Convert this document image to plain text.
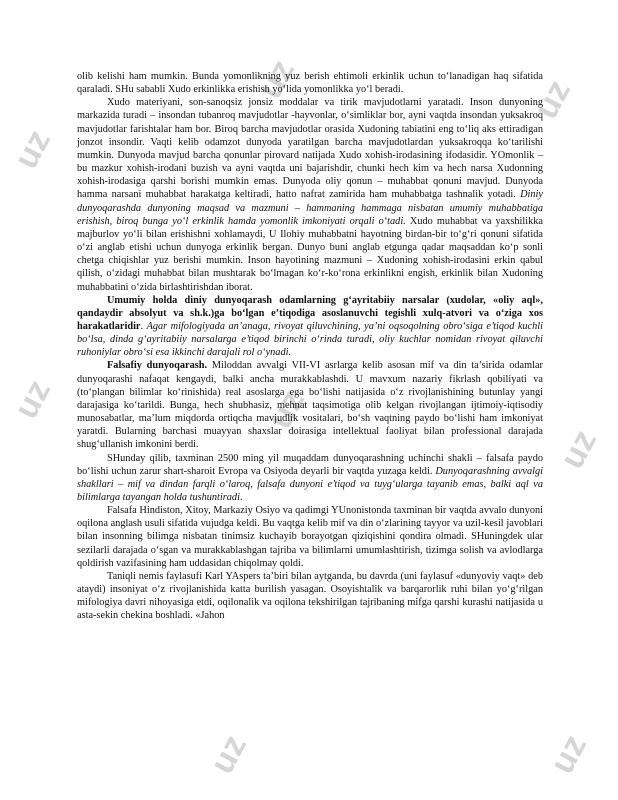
uz
uz
uz	uz
uz
uz
uz	uz

olib kelishi ham mumkin. Bunda yomonlikning yuz berish ehtimoli erkinlik uchun to‘lanadigan haq sifatida qaraladi. SHu sababli Xudo erkinlikka erishish yo‘lida yomonlikka yo‘l beradi.

Xudo materiyani, son-sanoqsiz jonsiz moddalar va tirik mavjudotlarni yaratadi. Inson dunyoning markazida turadi – insondan tubanroq mavjudotlar -hayvonlar, o‘simliklar bor, ayni vaqtda insondan yuksakroq mavjudotlar farishtalar ham bor. Biroq barcha mavjudotlar orasida Xudoning tabiatini eng to‘liq aks ettiradigan jonzot insondir. Vaqti kelib odamzot dunyoda yaratilgan barcha mavjudotlardan yuksakroqqa ko‘tarilishi mumkin. Dunyoda mavjud barcha qonunlar pirovard natijada Xudo xohish-irodasining ifodasidir. YOmonlik – bu mazkur xohish-irodani buzish va ayni vaqtda uni bajarishdir, chunki hech kim va hech narsa Xudonning xohish-irodasiga qarshi borishi mumkin emas. Dunyoda oliy qonun – muhabbat qonuni mavjud. Dunyoda hamma narsani muhabbat harakatga keltiradi, hatto nafrat zamirida ham muhabbatga tashnalik yotadi. Diniy dunyoqarashda dunyoning maqsad va mazmuni – hammaning hammaga nisbatan umumiy muhabbatiga erishish, biroq bunga yo‘l erkinlik hamda yomonlik imkoniyati orqali o‘tadi. Xudo muhabbat va yaxshilikka majburlov yo‘li bilan erishishni xohlamaydi, U Ilohiy muhabbatni hayotning birdan-bir to‘g‘ri qonuni sifatida o‘zi anglab etishi uchun dunyoga erkinlik bergan. Dunyo buni anglab etgunga qadar maqsaddan ko‘p sonli chetga chiqishlar yuz berishi mumkin. Inson hayotining mazmuni – Xudoning xohish-irodasini erkin qabul qilish, o‘zidagi muhabbat bilan mushtarak bo‘lmagan ko‘r-ko‘rona erkinlikni engish, erkinlik bilan Xudoning muhabbatini o‘zida birlashtirishdan iborat.

Umumiy holda diniy dunyoqarash odamlarning g‘ayritabiiy narsalar (xudolar, «oliy aql», qandaydir absolyut va sh.k.)ga bo‘lgan e’tiqodiga asoslanuvchi tegishli xulq-atvori va o‘ziga xos harakatlaridir. Agar mifologiyada an’anaga, rivoyat qiluvchining, ya’ni oqsoqolning obro‘siga e’tiqod kuchli bo‘lsa, dinda g‘ayritabiiy narsalarga e’tiqod birinchi o‘rinda turadi, oliy kuchlar nomidan rivoyat qiluvchi ruhoniylar obro‘si esa ikkinchi darajali rol o‘ynadi.

Falsafiy dunyoqarash. Miloddan avvalgi VII-VI asrlarga kelib asosan mif va din ta’sirida odamlar dunyoqarashi nafaqat kengaydi, balki ancha murakkablashdi. U mavxum nazariy fikrlash qobiliyati va (to‘plangan bilimlar ko‘rinishida) real asoslarga ega bo‘lishi natijasida o‘z rivojlanishining butunlay yangi darajasiga ko‘tarildi. Bunga, hech shubhasiz, mehnat taqsimotiga olib kelgan rivojlangan ijtimoiy-iqtisodiy munosabatlar, ma’lum miqdorda ortiqcha mavjudlik vositalari, bo‘sh vaqtning paydo bo‘lishi ham imkoniyat yaratdi. Bularning barchasi muayyan shaxslar doirasiga intellektual faoliyat bilan professional darajada shug‘ullanish imkonini berdi.

SHunday qilib, taxminan 2500 ming yil muqaddam dunyoqarashning uchinchi shakli – falsafa paydo bo‘lishi uchun zarur shart-sharoit Evropa va Osiyoda deyarli bir vaqtda yuzaga keldi. Dunyoqarashning avvalgi shakllari – mif va dindan farqli o‘laroq, falsafa dunyoni e’tiqod va tuyg‘ularga tayanib emas, balki aql va bilimlarga tayangan holda tushuntiradi.

Falsafa Hindiston, Xitoy, Markaziy Osiyo va qadimgi YUnonistonda taxminan bir vaqtda avvalo dunyoni oqilona anglash usuli sifatida vujudga keldi. Bu vaqtga kelib mif va din o‘zlarining tayyor va uzil-kesil javoblari bilan insonning bilimga nisbatan tinimsiz kuchayib borayotgan qiziqishini qondira olmadi. SHuningdek ular sezilarli darajada o‘sgan va murakkablashgan tajriba va bilimlarni umumlashtirish, tizimga solish va avlodlarga qoldirish vazifasining ham uddasidan chiqolmay qoldi.

Taniqli nemis faylasufi Karl YAspers ta’biri bilan aytganda, bu davrda (uni faylasuf «dunyoviy vaqt» deb ataydi) insoniyat o‘z rivojlanishida katta burilish yasagan. Osoyishtalik va barqarorlik ruhi bilan yo‘g‘rilgan mifologiya davri nihoyasiga etdi, oqilonalik va oqilona tekshirilgan tajribaning mifga qarshi kurashi natijasida u asta-sekin chekina boshladi. «Jahon
